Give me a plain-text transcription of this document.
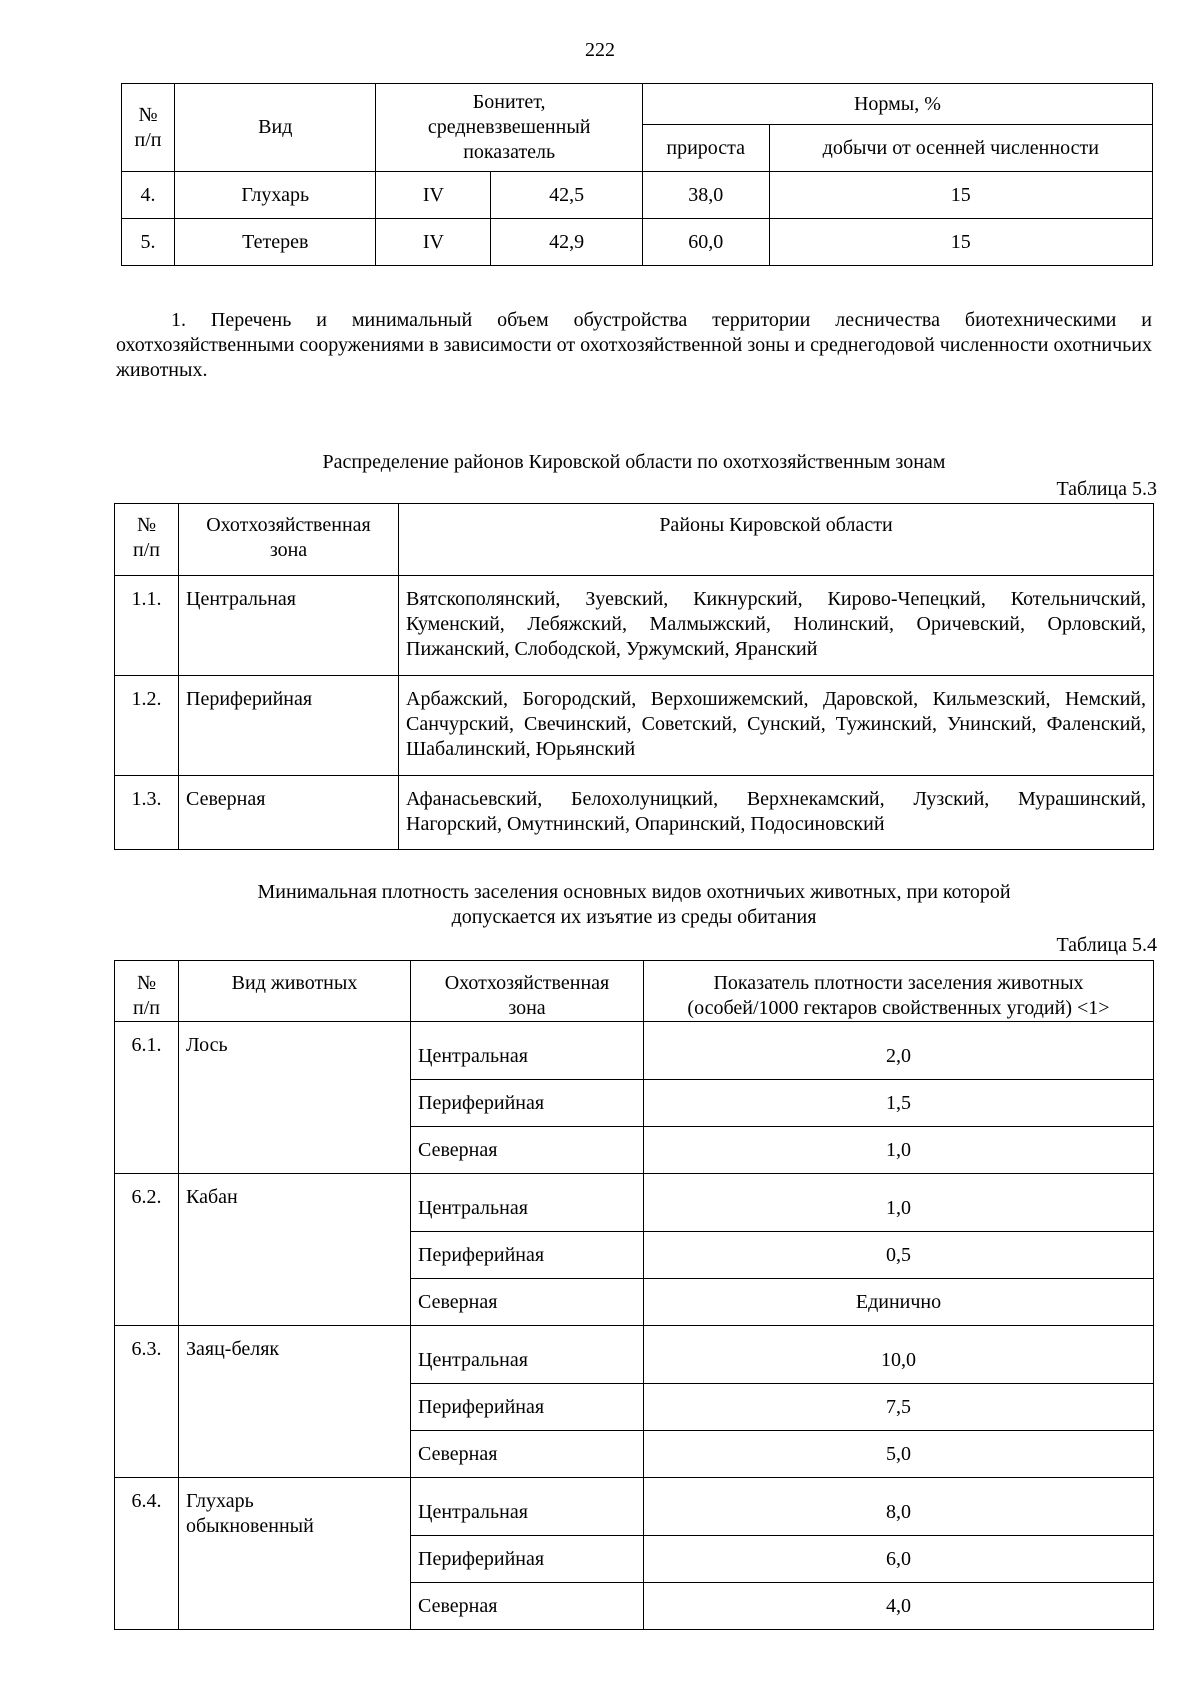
222
№
п/п	Вид	Бонитет,
средневзвешенный
показатель		Нормы, %	
				прироста	добычи от осенней численности
4.	Глухарь	IV	42,5	38,0	15
5.	Тетерев	IV	42,9	60,0	15
1. Перечень и минимальный объем обустройства территории лесничества биотехническими и охотхозяйственными сооружениями в зависимости от охотхозяйственной зоны и среднегодовой численности охотничьих животных.
Распределение районов Кировской области по охотхозяйственным зонам
Таблица 5.3
№
п/п	Охотхозяйственная
зона	Районы Кировской области
1.1.	Центральная	Вятскополянский, Зуевский, Кикнурский, Кирово-Чепецкий, Котельничский, Куменский, Лебяжский, Малмыжский, Нолинский, Оричевский, Орловский, Пижанский, Слободской, Уржумский, Яранский
1.2.	Периферийная	Арбажский, Богородский, Верхошижемский, Даровской, Кильмезский, Немский, Санчурский, Свечинский, Советский, Сунский, Тужинский, Унинский, Фаленский, Шабалинский, Юрьянский
1.3.	Северная	Афанасьевский, Белохолуницкий, Верхнекамский, Лузский, Мурашинский, Нагорский, Омутнинский, Опаринский, Подосиновский
Минимальная плотность заселения основных видов охотничьих животных, при которой
допускается их изъятие из среды обитания
Таблица 5.4
№
п/п	Вид животных	Охотхозяйственная
зона	Показатель плотности заселения животных
(особей/1000 гектаров свойственных угодий) <1>
6.1.	Лось	Центральная	2,0
		Периферийная	1,5
		Северная	1,0
6.2.	Кабан	Центральная	1,0
		Периферийная	0,5
		Северная	Единично
6.3.	Заяц-беляк	Центральная	10,0
		Периферийная	7,5
		Северная	5,0
6.4.	Глухарь
обыкновенный	Центральная	8,0
		Периферийная	6,0
		Северная	4,0
